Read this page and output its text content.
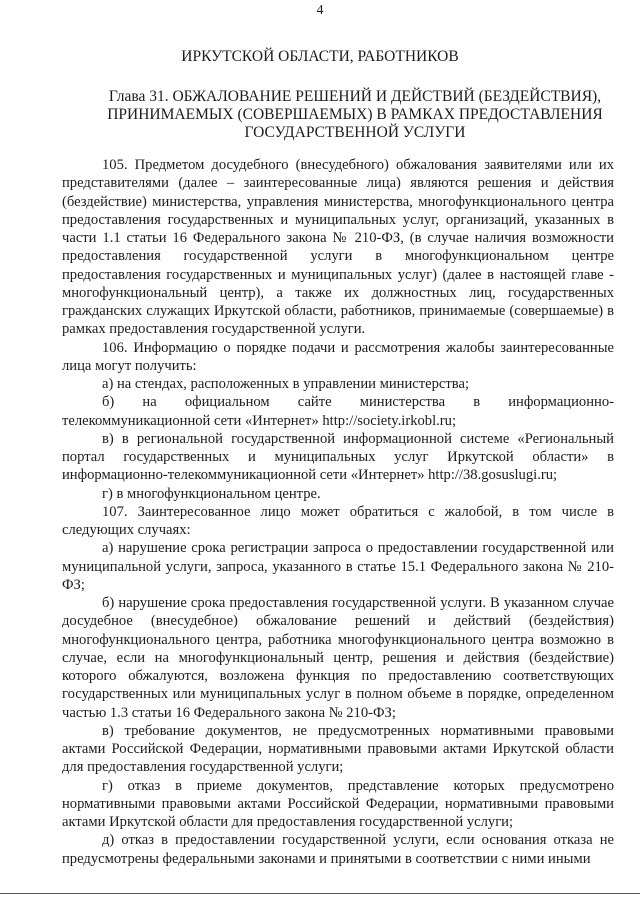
4
ИРКУТСКОЙ ОБЛАСТИ, РАБОТНИКОВ
Глава 31. ОБЖАЛОВАНИЕ РЕШЕНИЙ И ДЕЙСТВИЙ (БЕЗДЕЙСТВИЯ), ПРИНИМАЕМЫХ (СОВЕРШАЕМЫХ) В РАМКАХ ПРЕДОСТАВЛЕНИЯ ГОСУДАРСТВЕННОЙ УСЛУГИ

105. Предметом досудебного (внесудебного) обжалования заявителями или их представителями (далее – заинтересованные лица) являются решения и действия (бездействие) министерства, управления министерства, многофункционального центра предоставления государственных и муниципальных услуг, организаций, указанных в части 1.1 статьи 16 Федерального закона № 210-ФЗ, (в случае наличия возможности предоставления государственной услуги в многофункциональном центре предоставления государственных и муниципальных услуг) (далее в настоящей главе - многофункциональный центр), а также их должностных лиц, государственных гражданских служащих Иркутской области, работников, принимаемые (совершаемые) в рамках предоставления государственной услуги.

106. Информацию о порядке подачи и рассмотрения жалобы заинтересованные лица могут получить:

а) на стендах, расположенных в управлении министерства;

б) на официальном сайте министерства в информационно-телекоммуникационной сети «Интернет» http://society.irkobl.ru;

в) в региональной государственной информационной системе «Региональный портал государственных и муниципальных услуг Иркутской области» в информационно-телекоммуникационной сети «Интернет» http://38.gosuslugi.ru;

г) в многофункциональном центре.

107. Заинтересованное лицо может обратиться с жалобой, в том числе в следующих случаях:

а) нарушение срока регистрации запроса о предоставлении государственной или муниципальной услуги, запроса, указанного в статье 15.1 Федерального закона № 210-ФЗ;

б) нарушение срока предоставления государственной услуги. В указанном случае досудебное (внесудебное) обжалование решений и действий (бездействия) многофункционального центра, работника многофункционального центра возможно в случае, если на многофункциональный центр, решения и действия (бездействие) которого обжалуются, возложена функция по предоставлению соответствующих государственных или муниципальных услуг в полном объеме в порядке, определенном частью 1.3 статьи 16 Федерального закона № 210-ФЗ;

в) требование документов, не предусмотренных нормативными правовыми актами Российской Федерации, нормативными правовыми актами Иркутской области для предоставления государственной услуги;

г) отказ в приеме документов, представление которых предусмотрено нормативными правовыми актами Российской Федерации, нормативными правовыми актами Иркутской области для предоставления государственной услуги;

д) отказ в предоставлении государственной услуги, если основания отказа не предусмотрены федеральными законами и принятыми в соответствии с ними иными
